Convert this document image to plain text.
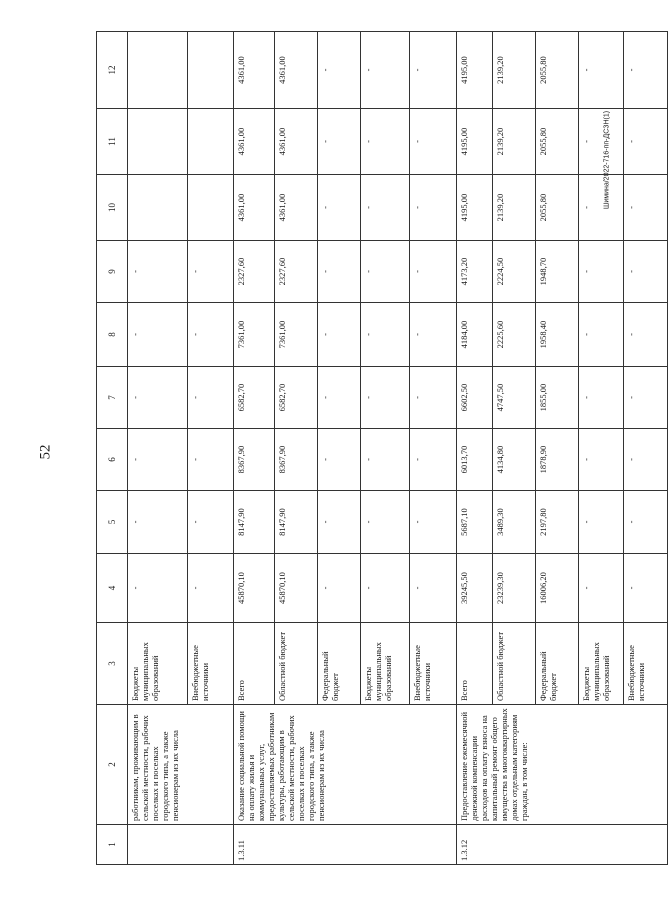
52
Шимина/2022-716-пп-ДСЗН(1)
1	2	3	4	5	6	7	8	9	10	11	12
	работникам, проживающим в сельской местности, рабочих поселках и поселках городского типа, а также пенсионерам из их числа	Бюджеты муниципальных образований	-	-	-	-	-	-			
		Внебюджетные источники	-	-	-	-	-	-			
1.3.11	Оказание социальной помощи на оплату жилья и коммунальных услуг, предоставляемых работникам культуры, работающим в сельской местности, рабочих поселках и поселках городского типа, а также пенсионерам из их числа	Всего	45870,10	8147,90	8367,90	6582,70	7361,00	2327,60	4361,00	4361,00	4361,00
		Областной бюджет	45870,10	8147,90	8367,90	6582,70	7361,00	2327,60	4361,00	4361,00	4361,00
		Федеральный бюджет	-	-	-	-	-	-	-	-	-
		Бюджеты муниципальных образований	-	-	-	-	-	-	-	-	-
		Внебюджетные источники	-	-	-	-	-	-	-	-	-
1.3.12	Предоставление ежемесячной денежной компенсации расходов на оплату взноса на капитальный ремонт общего имущества в многоквартирных домах отдельным категориям граждан, в том числе:	Всего	39245,50	5687,10	6013,70	6602,50	4184,00	4173,20	4195,00	4195,00	4195,00
		Областной бюджет	23239,30	3489,30	4134,80	4747,50	2225,60	2224,50	2139,20	2139,20	2139,20
		Федеральный бюджет	16006,20	2197,80	1878,90	1855,00	1958,40	1948,70	2055,80	2055,80	2055,80
		Бюджеты муниципальных образований	-	-	-	-	-	-	-	-	-
		Внебюджетные источники	-	-	-	-	-	-	-	-	-
